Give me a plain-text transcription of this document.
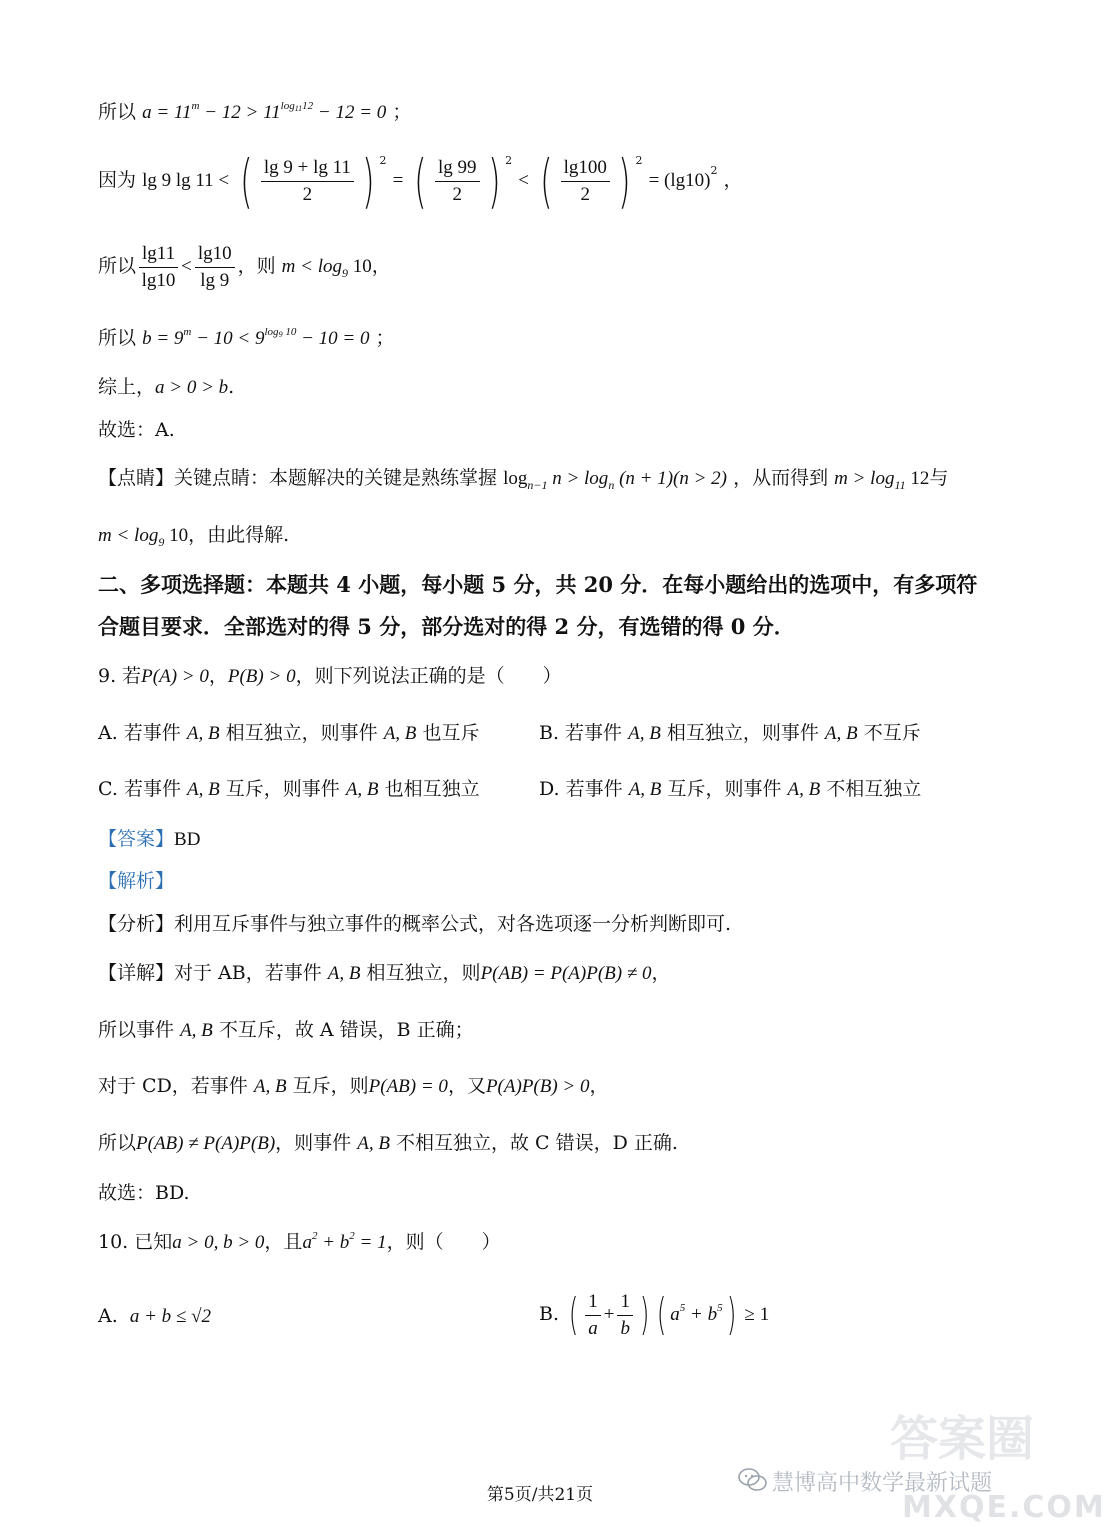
所以 $a = 11^m - 12 > 11^{log_{11}12} - 12 = 0$ ；
因为 lg 9 lg 11 < ( $\frac{\lg 9 + \lg 11}{2}$ ) $^2$ = ( $\frac{\lg 99}{2}$ ) $^2$ < ( $\frac{\lg 100}{2}$ ) $^2 = (\lg 10)^2$ ，
所以 $\frac{\lg 11}{\lg 10} < \frac{\lg 10}{\lg 9}$ ，则 $m < \log_9 10$，
所以 $b = 9^m - 10 < 9^{log_9 10} - 10 = 0$ ；
综上，a > 0 > b.
故选：A.
【点睛】关键点睛：本题解决的关键是熟练掌握 $\log_{n-1} n > \log_n (n + 1)(n > 2)$ ，从而得到 $m > \log_{11} 12$与
$m < \log_9 10$，由此得解.
二、多项选择题：本题共 4 小题，每小题 5 分，共 20 分．在每小题给出的选项中，有多项符
合题目要求．全部选对的得 5 分，部分选对的得 2 分，有选错的得 0 分．
9. 若P(A) > 0，P(B) > 0，则下列说法正确的是（　　）
A. 若事件 A, B 相互独立，则事件 A, B 也互斥	B. 若事件 A, B 相互独立，则事件 A, B 不互斥
C. 若事件 A, B 互斥，则事件 A, B 也相互独立	D. 若事件 A, B 互斥，则事件 A, B 不相互独立
【答案】BD
【解析】
【分析】利用互斥事件与独立事件的概率公式，对各选项逐一分析判断即可.
【详解】对于 AB，若事件 A, B 相互独立，则P(AB) = P(A)P(B) ≠ 0，
所以事件 A, B 不互斥，故 A 错误，B 正确；
对于 CD，若事件 A, B 互斥，则P(AB) = 0，又P(A)P(B) > 0，
所以P(AB) ≠ P(A)P(B)，则事件 A, B 不相互独立，故 C 错误，D 正确.
故选：BD.
10. 已知a > 0, b > 0，且$a^2 + b^2 = 1$，则（　　）
A. a + b ≤ √2	B. ( $\frac{1}{a} + \frac{1}{b}$ ) ( $a^5 + b^5) \ge 1$
慧博高中数学最新试题
答案圈
MXQE.COM
第5页/共21页
